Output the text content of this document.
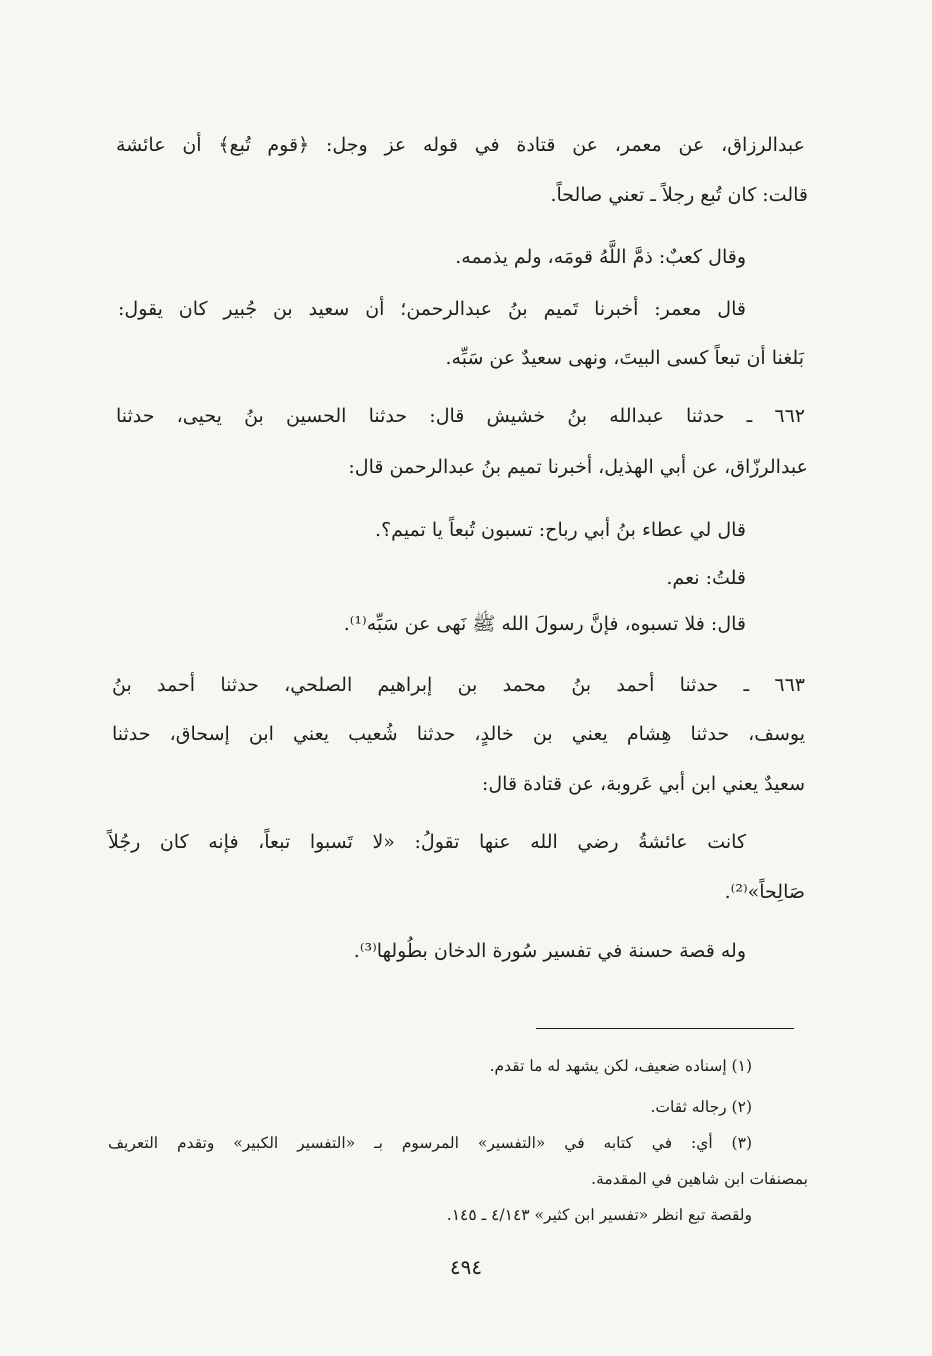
عبدالرزاق، عن معمر، عن قتادة في قوله عز وجل: ﴿قوم تُبع﴾ أن عائشة
قالت: كان تُبع رجلاً ـ تعني صالحاً.
وقال كعبٌ: ذمَّ اللَّهُ قومَه، ولم يذممه.
قال معمر: أخبرنا تَميم بنُ عبدالرحمن؛ أن سعيد بن جُبير كان يقول:
بَلغنا أن تبعاً كسى البيتَ، ونهى سعيدٌ عن سَبِّه.
٦٦٢ ـ حدثنا عبدالله بنُ خشيش قال: حدثنا الحسين بنُ يحيى، حدثنا
عبدالرزّاق، عن أبي الهذيل، أخبرنا تميم بنُ عبدالرحمن قال:
قال لي عطاء بنُ أبي رباح: تسبون تُبعاً يا تميم؟.
قلتُ: نعم.
قال: فلا تسبوه، فإنَّ رسولَ الله ﷺ نَهى عن سَبِّه⁽¹⁾.
٦٦٣ ـ حدثنا أحمد بنُ محمد بن إبراهيم الصلحي، حدثنا أحمد بنُ
يوسف، حدثنا هِشام يعني بن خالدٍ، حدثنا شُعيب يعني ابن إسحاق، حدثنا
سعيدٌ يعني ابن أبي عَروبة، عن قتادة قال:
كانت عائشةُ رضي الله عنها تقولُ: «لا تَسبوا تبعاً، فإنه كان رجُلاً
صَالِحاً»⁽²⁾.
وله قصة حسنة في تفسير سُورة الدخان بطُولها⁽³⁾.
(١) إسناده ضعيف، لكن يشهد له ما تقدم.
(٢) رجاله ثقات.
(٣) أي: في كتابه في «التفسير» المرسوم بـ «التفسير الكبير» وتقدم التعريف
بمصنفات ابن شاهين في المقدمة.
ولقصة تبع انظر «تفسير ابن كثير» ٤/١٤٣ ـ ١٤٥.
٤٩٤
